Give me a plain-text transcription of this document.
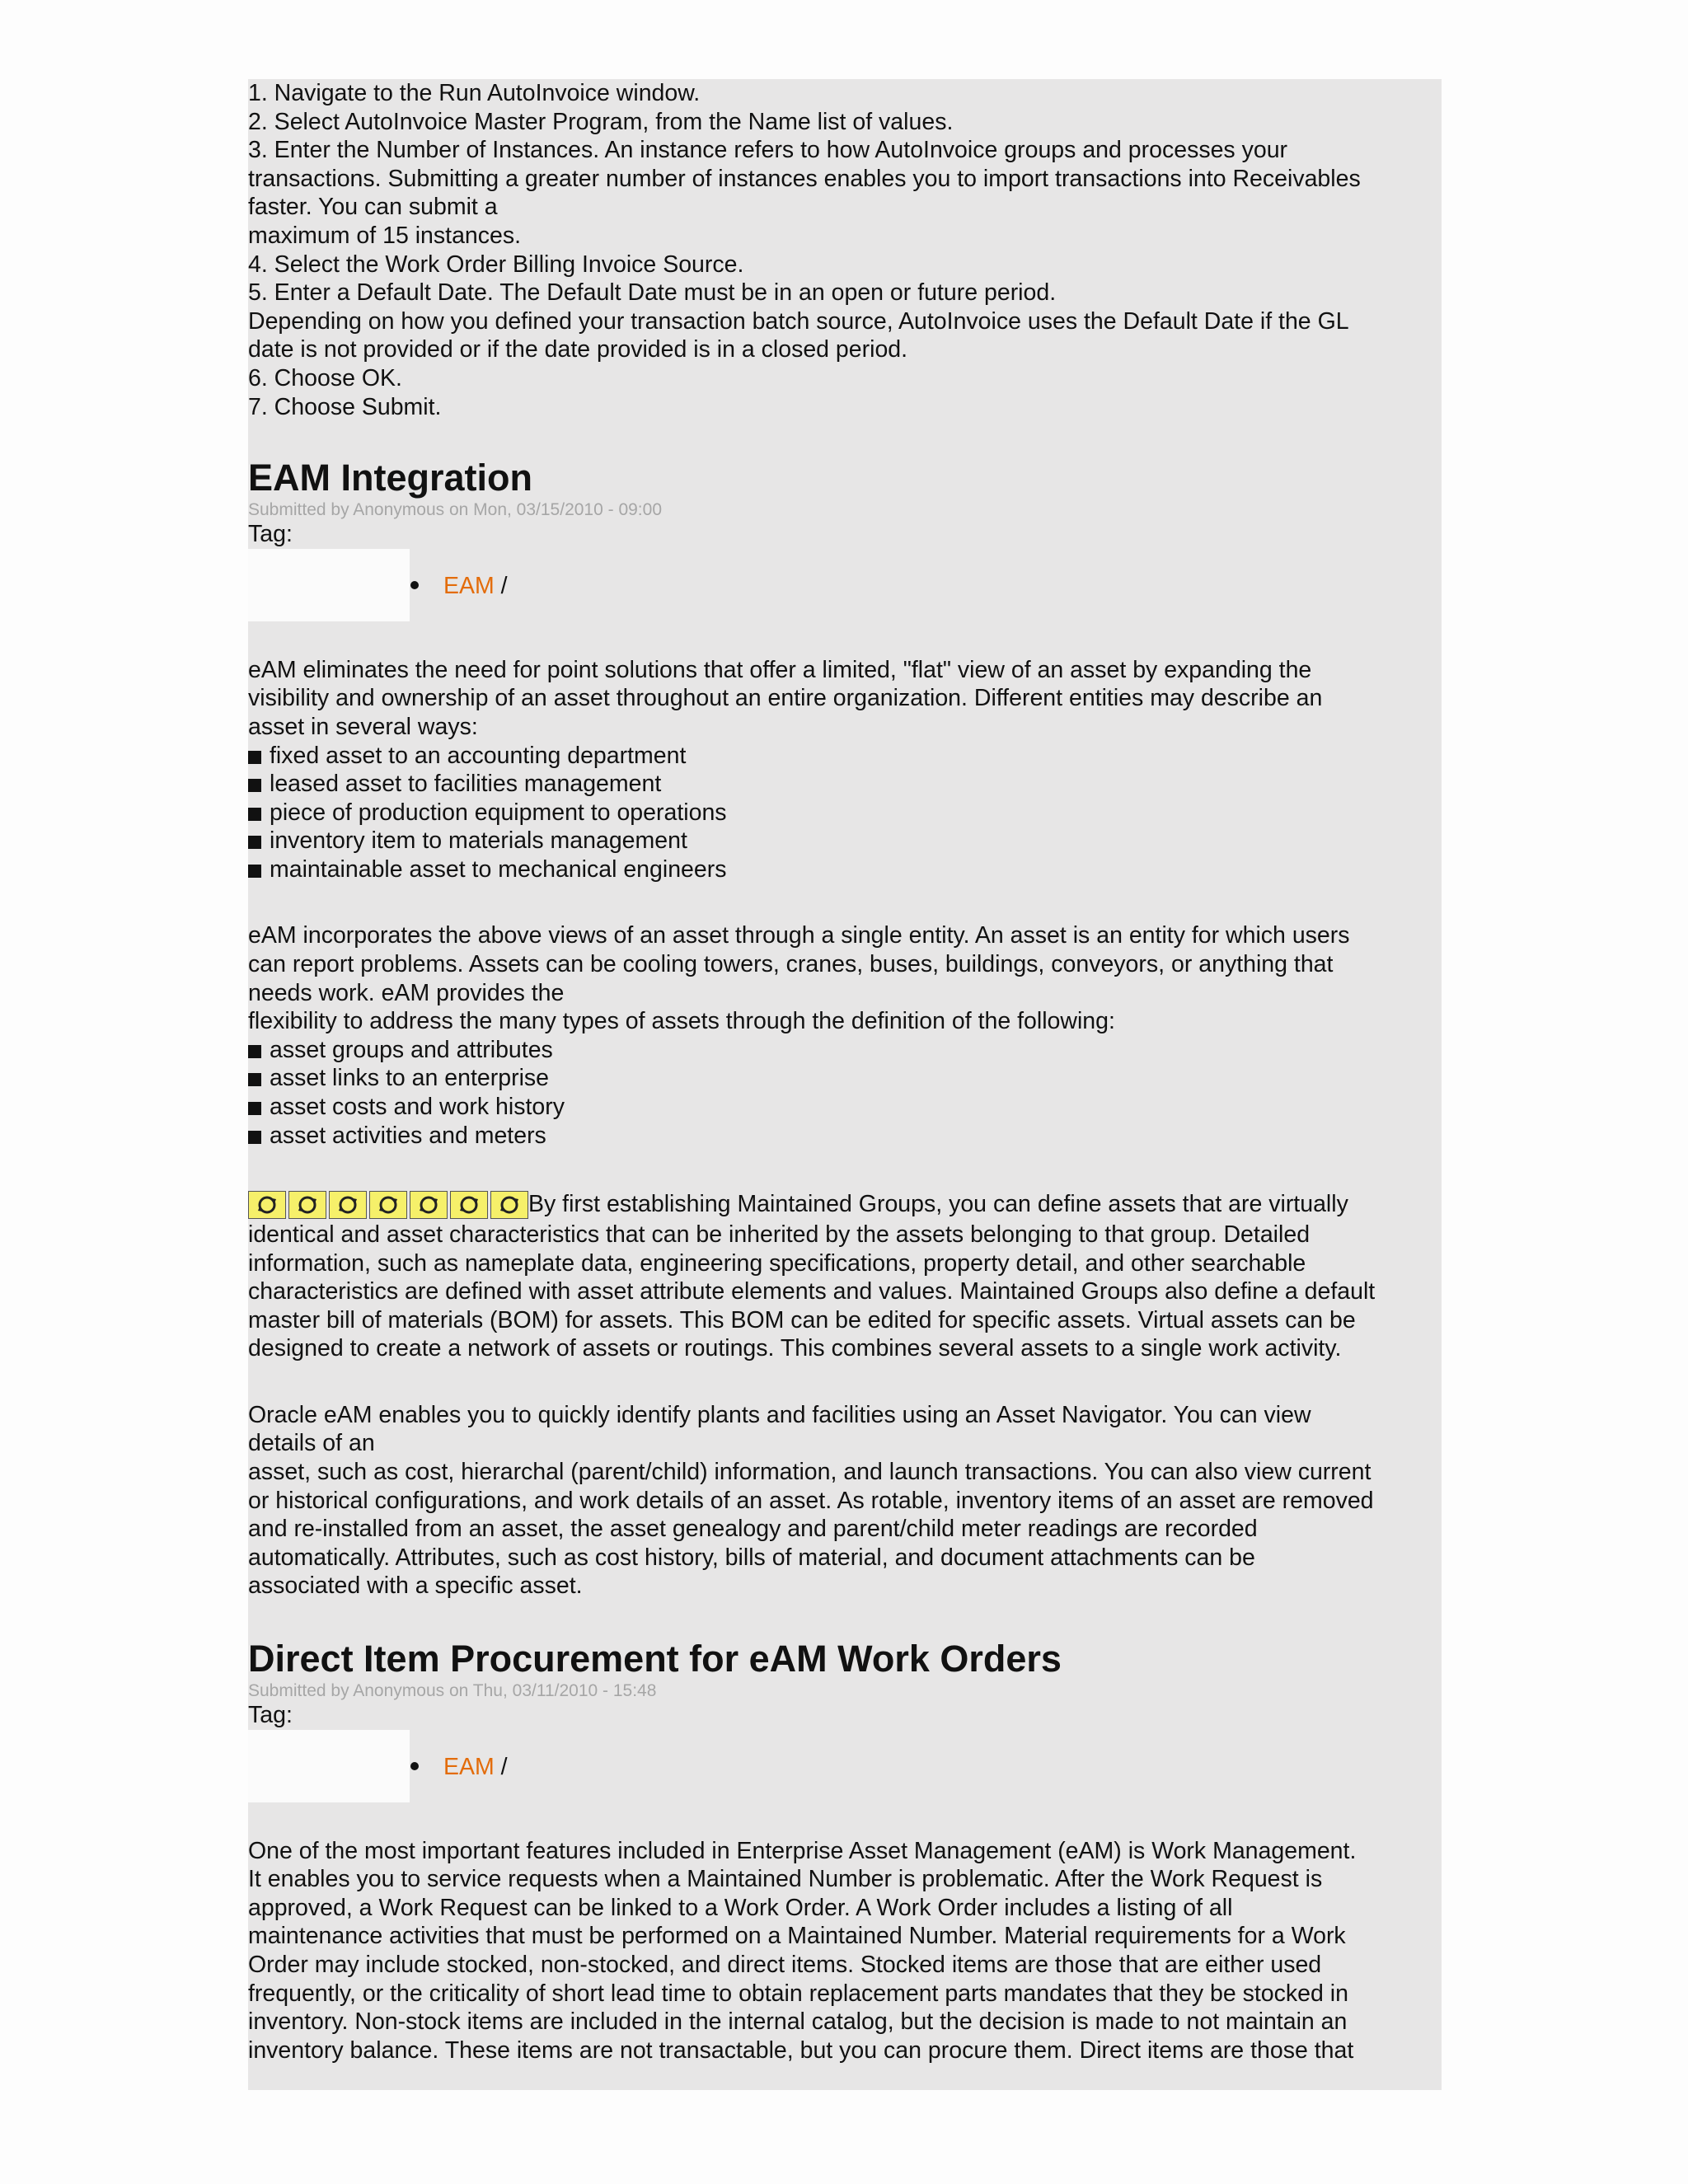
1. Navigate to the Run AutoInvoice window.

2. Select AutoInvoice Master Program, from the Name list of values.

3. Enter the Number of Instances. An instance refers to how AutoInvoice groups and processes your

transactions. Submitting a greater number of instances enables you to import transactions into Receivables

faster. You can submit a

maximum of 15 instances.

4. Select the Work Order Billing Invoice Source.

5. Enter a Default Date. The Default Date must be in an open or future period.

Depending on how you defined your transaction batch source, AutoInvoice uses the Default Date if the GL

date is not provided or if the date provided is in a closed period.

6. Choose OK.

7. Choose Submit.

EAM Integration

Submitted by Anonymous on Mon, 03/15/2010 - 09:00

Tag:

EAM /

eAM eliminates the need for point solutions that offer a limited, "flat" view of an asset by expanding the

visibility and ownership of an asset throughout an entire organization. Different entities may describe an

asset in several ways:

fixed asset to an accounting department

leased asset to facilities management

piece of production equipment to operations

inventory item to materials management

maintainable asset to mechanical engineers

eAM incorporates the above views of an asset through a single entity. An asset is an entity for which users

can report problems. Assets can be cooling towers, cranes, buses, buildings, conveyors, or anything that

needs work. eAM provides the

flexibility to address the many types of assets through the definition of the following:

asset groups and attributes

asset links to an enterprise

asset costs and work history

asset activities and meters

By first establishing Maintained Groups, you can define assets that are virtually

identical and asset characteristics that can be inherited by the assets belonging to that group. Detailed

information, such as nameplate data, engineering specifications, property detail, and other searchable

characteristics are defined with asset attribute elements and values. Maintained Groups also define a default

master bill of materials (BOM) for assets. This BOM can be edited for specific assets. Virtual assets can be

designed to create a network of assets or routings. This combines several assets to a single work activity.

Oracle eAM enables you to quickly identify plants and facilities using an Asset Navigator. You can view

details of an

asset, such as cost, hierarchal (parent/child) information, and launch transactions. You can also view current

or historical configurations, and work details of an asset. As rotable, inventory items of an asset are removed

and re-installed from an asset, the asset genealogy and parent/child meter readings are recorded

automatically. Attributes, such as cost history, bills of material, and document attachments can be

associated with a specific asset.

Direct Item Procurement for eAM Work Orders

Submitted by Anonymous on Thu, 03/11/2010 - 15:48

Tag:

EAM /

One of the most important features included in Enterprise Asset Management (eAM) is Work Management.

It enables you to service requests when a Maintained Number is problematic. After the Work Request is

approved, a Work Request can be linked to a Work Order. A Work Order includes a listing of all

maintenance activities that must be performed on a Maintained Number. Material requirements for a Work

Order may include stocked, non-stocked, and direct items. Stocked items are those that are either used

frequently, or the criticality of short lead time to obtain replacement parts mandates that they be stocked in

inventory. Non-stock items are included in the internal catalog, but the decision is made to not maintain an

inventory balance. These items are not transactable, but you can procure them. Direct items are those that
